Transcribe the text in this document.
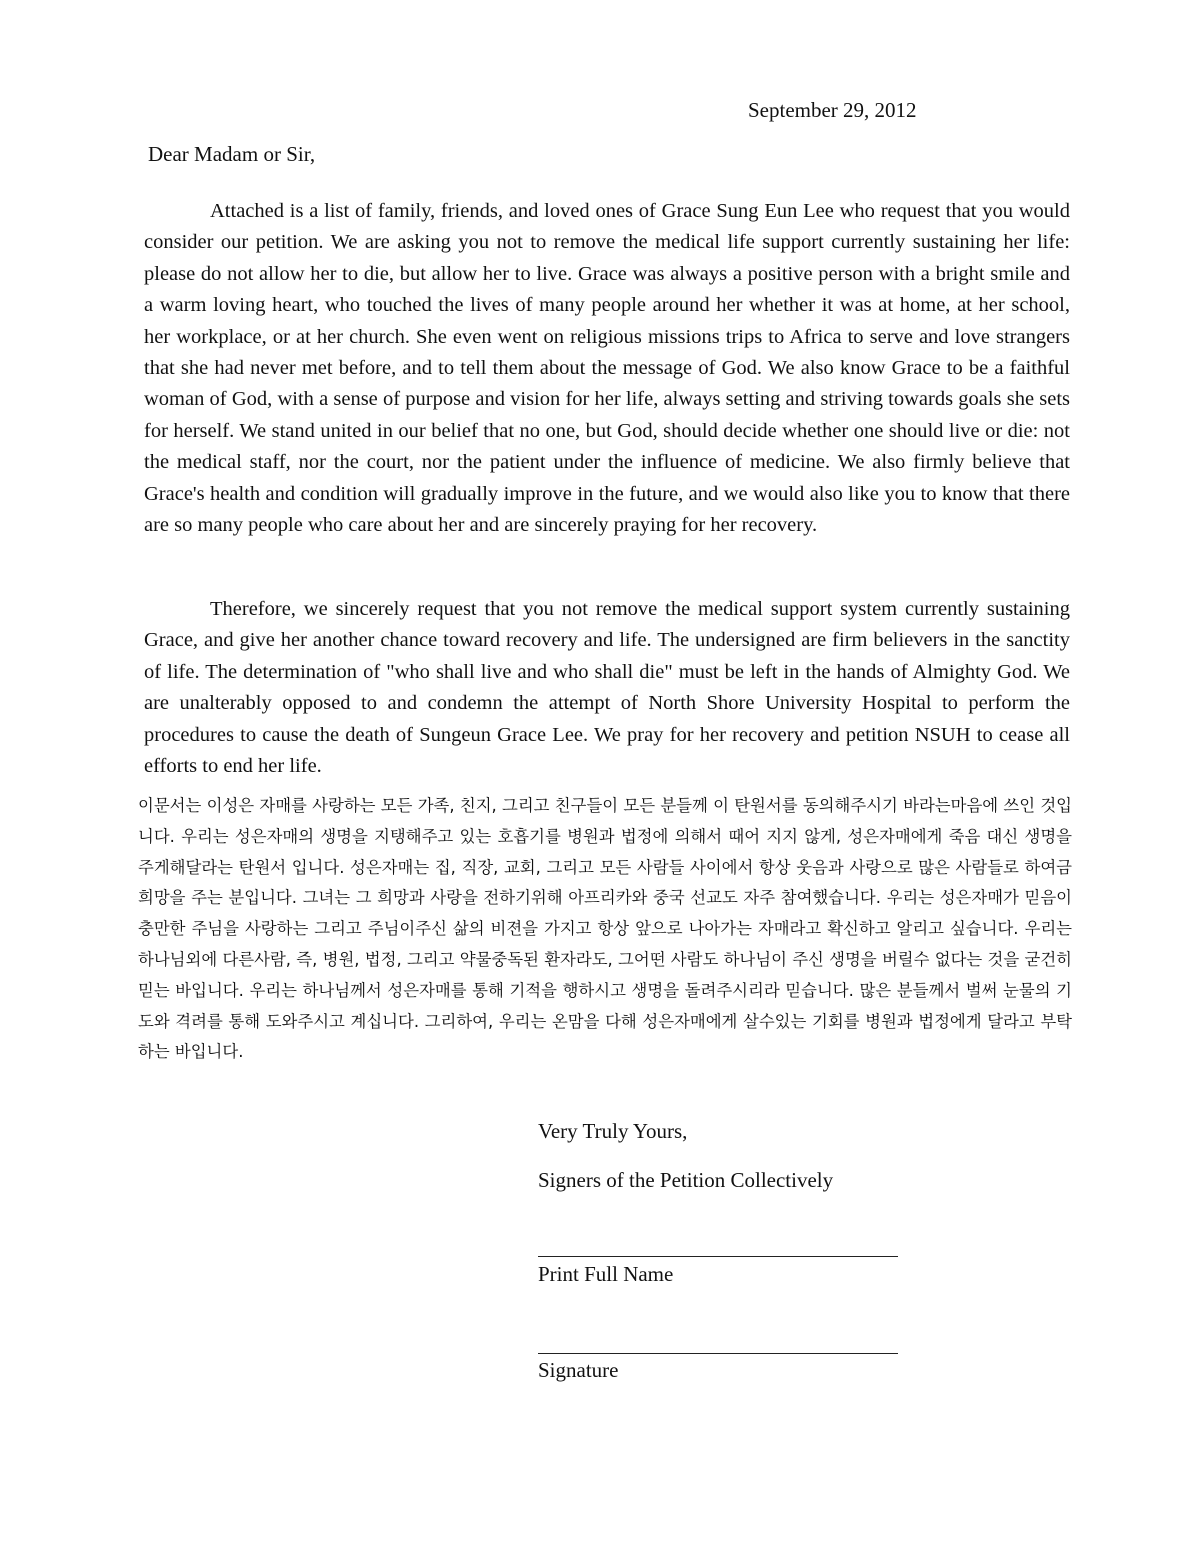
September 29, 2012
Dear Madam or Sir,

Attached is a list of family, friends, and loved ones of Grace Sung Eun Lee who request that you would consider our petition. We are asking you not to remove the medical life support currently sustaining her life: please do not allow her to die, but allow her to live. Grace was always a positive person with a bright smile and a warm loving heart, who touched the lives of many people around her whether it was at home, at her school, her workplace, or at her church. She even went on religious missions trips to Africa to serve and love strangers that she had never met before, and to tell them about the message of God. We also know Grace to be a faithful woman of God, with a sense of purpose and vision for her life, always setting and striving towards goals she sets for herself. We stand united in our belief that no one, but God, should decide whether one should live or die: not the medical staff, nor the court, nor the patient under the influence of medicine. We also firmly believe that Grace's health and condition will gradually improve in the future, and we would also like you to know that there are so many people who care about her and are sincerely praying for her recovery.

Therefore, we sincerely request that you not remove the medical support system currently sustaining Grace, and give her another chance toward recovery and life. The undersigned are firm believers in the sanctity of life. The determination of "who shall live and who shall die" must be left in the hands of Almighty God. We are unalterably opposed to and condemn the attempt of North Shore University Hospital to perform the procedures to cause the death of Sungeun Grace Lee. We pray for her recovery and petition NSUH to cease all efforts to end her life.

이문서는 이성은 자매를 사랑하는 모든 가족, 친지, 그리고 친구들이 모든 분들께 이 탄원서를 동의해주시기 바라는마음에 쓰인 것입니다. 우리는 성은자매의 생명을 지탱해주고 있는 호흡기를 병원과 법정에 의해서 때어 지지 않게, 성은자매에게 죽음 대신 생명을 주게해달라는 탄원서 입니다. 성은자매는 집, 직장, 교회, 그리고 모든 사람들 사이에서 항상 웃음과 사랑으로 많은 사람들로 하여금 희망을 주는 분입니다. 그녀는 그 희망과 사랑을 전하기위해 아프리카와 중국 선교도 자주 참여했습니다. 우리는 성은자매가 믿음이 충만한 주님을 사랑하는 그리고 주님이주신 삶의 비젼을 가지고 항상 앞으로 나아가는 자매라고 확신하고 알리고 싶습니다. 우리는 하나님외에 다른사람, 즉, 병원, 법정, 그리고 약물중독된 환자라도, 그어떤 사람도 하나님이 주신 생명을 버릴수 없다는 것을 굳건히 믿는 바입니다. 우리는 하나님께서 성은자매를 통해 기적을 행하시고 생명을 돌려주시리라 믿습니다. 많은 분들께서 벌써 눈물의 기도와 격려를 통해 도와주시고 계십니다. 그리하여, 우리는 온맘을 다해 성은자매에게 살수있는 기회를 병원과 법정에게 달라고 부탁하는 바입니다.

Very Truly Yours,
Signers of the Petition Collectively
Print Full Name
Signature
